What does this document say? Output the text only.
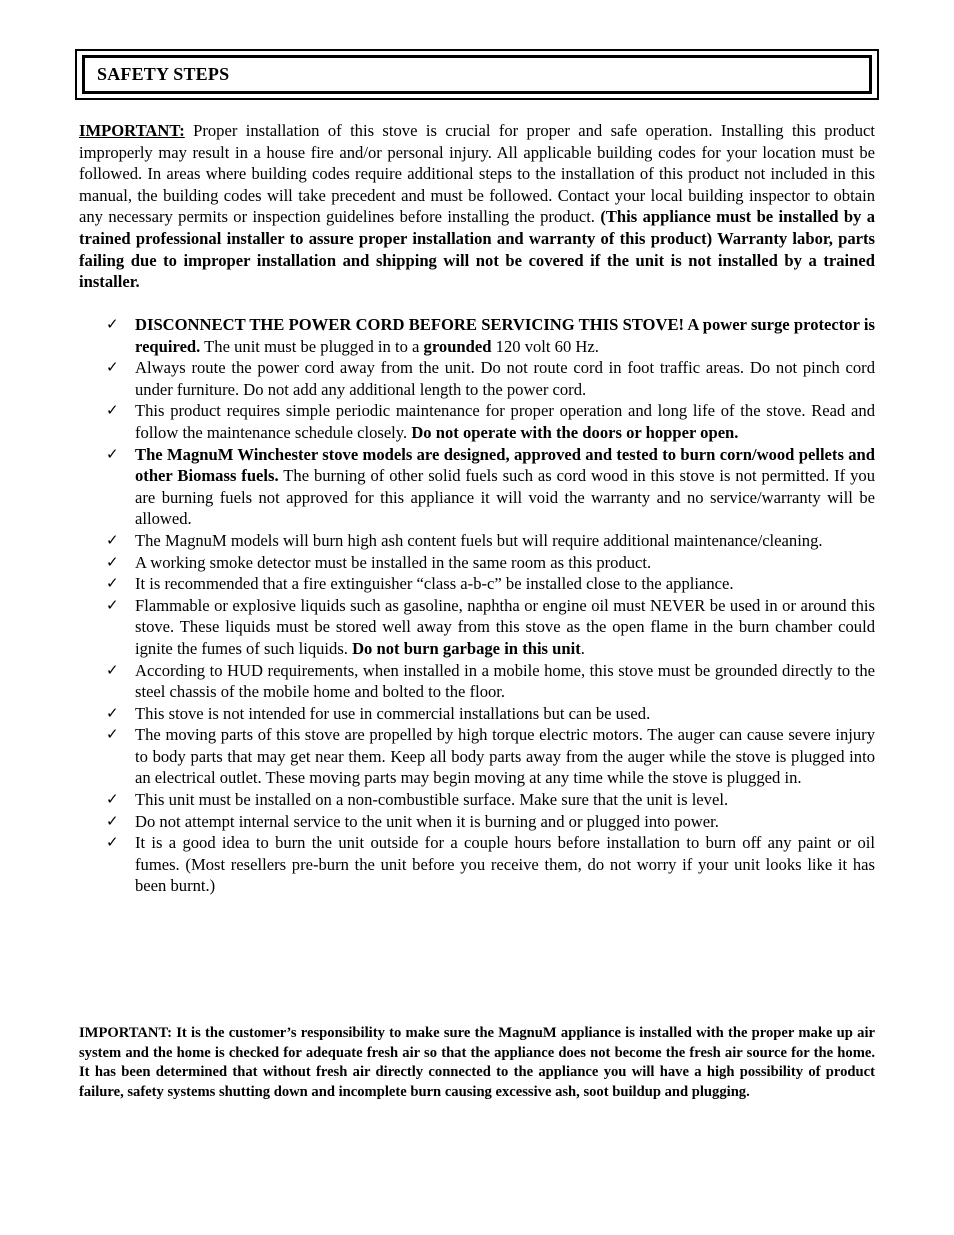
SAFETY STEPS

IMPORTANT: Proper installation of this stove is crucial for proper and safe operation. Installing this product improperly may result in a house fire and/or personal injury. All applicable building codes for your location must be followed. In areas where building codes require additional steps to the installation of this product not included in this manual, the building codes will take precedent and must be followed. Contact your local building inspector to obtain any necessary permits or inspection guidelines before installing the product. (This appliance must be installed by a trained professional installer to assure proper installation and warranty of this product) Warranty labor, parts failing due to improper installation and shipping will not be covered if the unit is not installed by a trained installer.

✓ DISCONNECT THE POWER CORD BEFORE SERVICING THIS STOVE! A power surge protector is required. The unit must be plugged in to a grounded 120 volt 60 Hz.
✓ Always route the power cord away from the unit. Do not route cord in foot traffic areas. Do not pinch cord under furniture. Do not add any additional length to the power cord.
✓ This product requires simple periodic maintenance for proper operation and long life of the stove. Read and follow the maintenance schedule closely. Do not operate with the doors or hopper open.
✓ The MagnuM Winchester stove models are designed, approved and tested to burn corn/wood pellets and other Biomass fuels. The burning of other solid fuels such as cord wood in this stove is not permitted. If you are burning fuels not approved for this appliance it will void the warranty and no service/warranty will be allowed.
✓ The MagnuM models will burn high ash content fuels but will require additional maintenance/cleaning.
✓ A working smoke detector must be installed in the same room as this product.
✓ It is recommended that a fire extinguisher “class a-b-c” be installed close to the appliance.
✓ Flammable or explosive liquids such as gasoline, naphtha or engine oil must NEVER be used in or around this stove. These liquids must be stored well away from this stove as the open flame in the burn chamber could ignite the fumes of such liquids. Do not burn garbage in this unit.
✓ According to HUD requirements, when installed in a mobile home, this stove must be grounded directly to the steel chassis of the mobile home and bolted to the floor.
✓ This stove is not intended for use in commercial installations but can be used.
✓ The moving parts of this stove are propelled by high torque electric motors. The auger can cause severe injury to body parts that may get near them. Keep all body parts away from the auger while the stove is plugged into an electrical outlet. These moving parts may begin moving at any time while the stove is plugged in.
✓ This unit must be installed on a non-combustible surface. Make sure that the unit is level.
✓ Do not attempt internal service to the unit when it is burning and or plugged into power.
✓ It is a good idea to burn the unit outside for a couple hours before installation to burn off any paint or oil fumes. (Most resellers pre-burn the unit before you receive them, do not worry if your unit looks like it has been burnt.)

IMPORTANT: It is the customer’s responsibility to make sure the MagnuM appliance is installed with the proper make up air system and the home is checked for adequate fresh air so that the appliance does not become the fresh air source for the home. It has been determined that without fresh air directly connected to the appliance you will have a high possibility of product failure, safety systems shutting down and incomplete burn causing excessive ash, soot buildup and plugging.
